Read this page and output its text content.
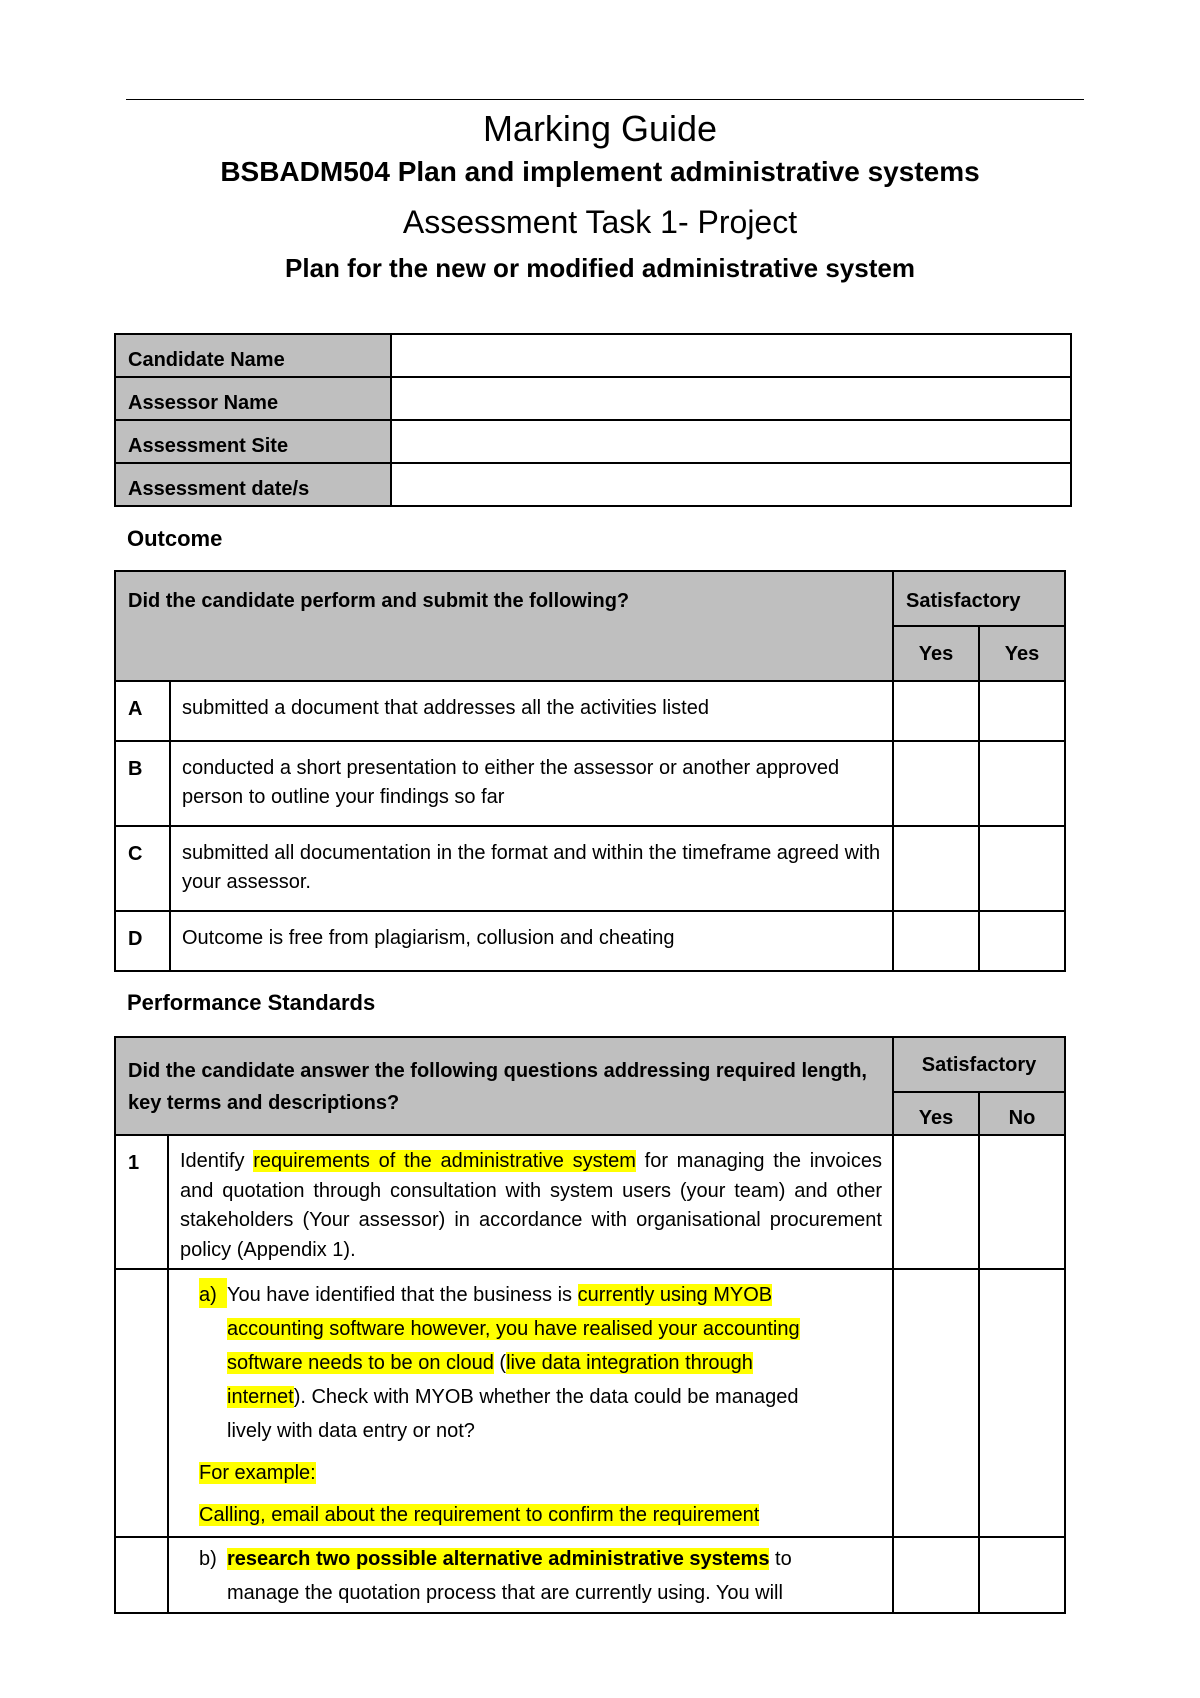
Marking Guide
BSBADM504 Plan and implement administrative systems
Assessment Task 1- Project
Plan for the new or modified administrative system
Candidate Name	
Assessor Name	
Assessment Site	
Assessment date/s	
Outcome
Did the candidate perform and submit the following?		Satisfactory	
		Yes	Yes
A	submitted a document that addresses all the activities listed		
B	conducted a short presentation to either the assessor or another approved person to outline your findings so far		
C	submitted all documentation in the format and within the timeframe agreed with your assessor.		
D	Outcome is free from plagiarism, collusion and cheating		
Performance Standards
Did the candidate answer the following questions addressing required length, key terms and descriptions?		Satisfactory	
		Yes	No
1	Identify requirements of the administrative system for managing the invoices and quotation through consultation with system users (your team) and other stakeholders (Your assessor) in accordance with organisational procurement policy (Appendix 1).		

	a) You have identified that the business is currently using MYOB accounting software however, you have realised your accounting software needs to be on cloud (live data integration through internet). Check with MYOB whether the data could be managed lively with data entry or not?
For example:
Calling, email about the requirement to confirm the requirement		

	b) research two possible alternative administrative systems to manage the quotation process that are currently using. You will		
